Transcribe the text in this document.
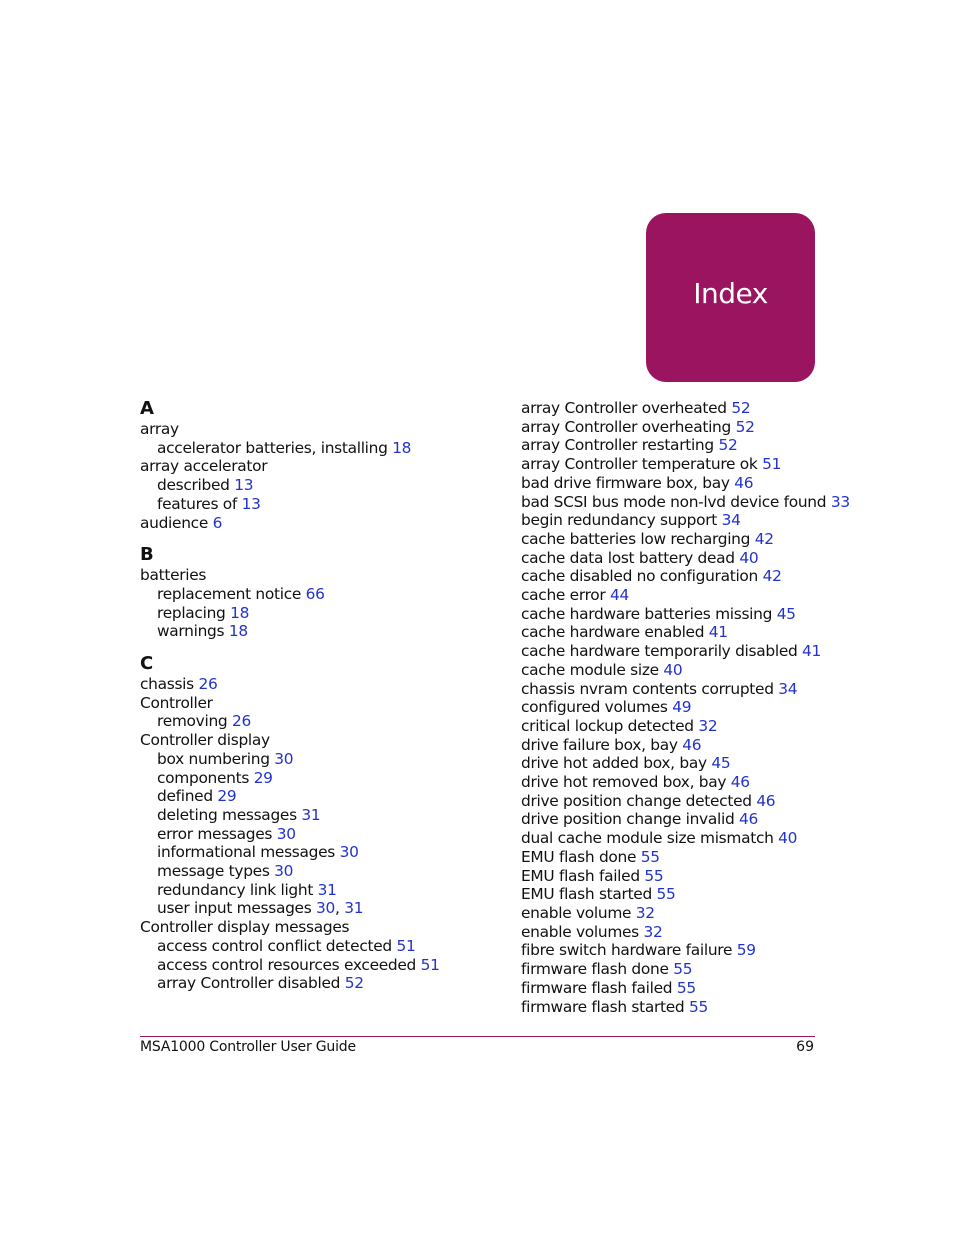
Index
A
array
accelerator batteries, installing 18
array accelerator
described 13
features of 13
audience 6
B
batteries
replacement notice 66
replacing 18
warnings 18
C
chassis 26
Controller
removing 26
Controller display
box numbering 30
components 29
defined 29
deleting messages 31
error messages 30
informational messages 30
message types 30
redundancy link light 31
user input messages 30, 31
Controller display messages
access control conflict detected 51
access control resources exceeded 51
array Controller disabled 52
array Controller overheated 52
array Controller overheating 52
array Controller restarting 52
array Controller temperature ok 51
bad drive firmware box, bay 46
bad SCSI bus mode non-lvd device found 33
begin redundancy support 34
cache batteries low recharging 42
cache data lost battery dead 40
cache disabled no configuration 42
cache error 44
cache hardware batteries missing 45
cache hardware enabled 41
cache hardware temporarily disabled 41
cache module size 40
chassis nvram contents corrupted 34
configured volumes 49
critical lockup detected 32
drive failure box, bay 46
drive hot added box, bay 45
drive hot removed box, bay 46
drive position change detected 46
drive position change invalid 46
dual cache module size mismatch 40
EMU flash done 55
EMU flash failed 55
EMU flash started 55
enable volume 32
enable volumes 32
fibre switch hardware failure 59
firmware flash done 55
firmware flash failed 55
firmware flash started 55
MSA1000 Controller User Guide	69
